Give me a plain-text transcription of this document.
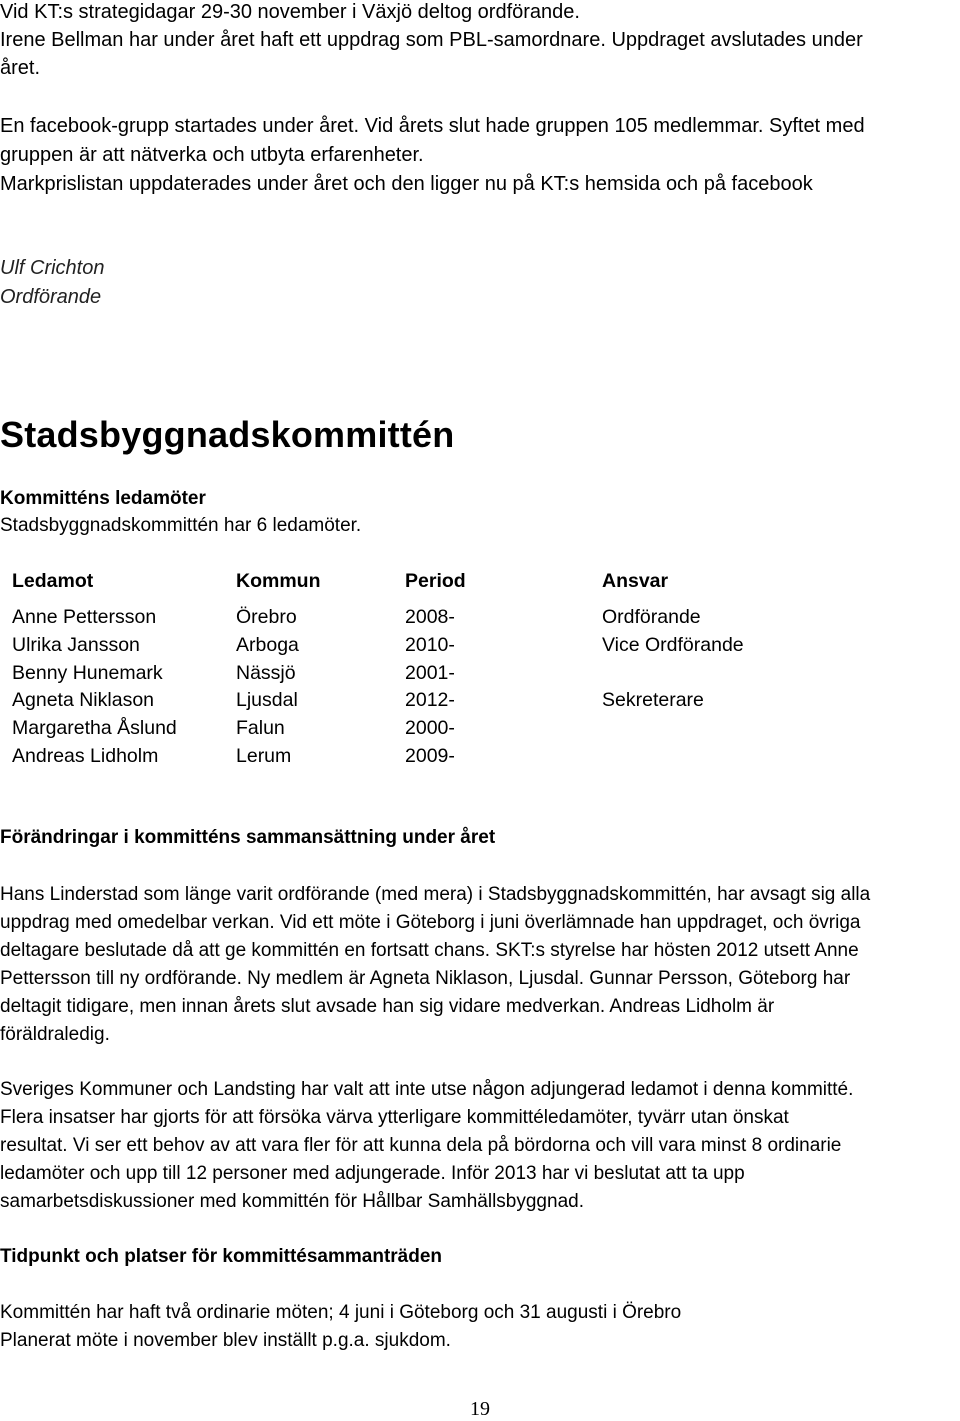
Vid KT:s strategidagar 29-30 november i Växjö deltog ordförande.

Irene Bellman har under året haft ett uppdrag som PBL-samordnare. Uppdraget avslutades under

året.

En facebook-grupp startades under året. Vid årets slut hade gruppen 105 medlemmar. Syftet med

gruppen är att nätverka och utbyta erfarenheter.

Markprislistan uppdaterades under året och den ligger nu på KT:s hemsida och på facebook

Ulf Crichton

Ordförande

Stadsbyggnadskommittén

Kommitténs ledamöter

Stadsbyggnadskommittén har 6 ledamöter.

Ledamot	Kommun	Period	Ansvar
Anne Pettersson	Örebro	2008-	Ordförande
Ulrika Jansson	Arboga	2010-	Vice Ordförande
Benny Hunemark	Nässjö	2001-	
Agneta Niklason	Ljusdal	2012-	Sekreterare
Margaretha Åslund	Falun	2000-	
Andreas Lidholm	Lerum	2009-	

Förändringar i kommitténs sammansättning under året

Hans Linderstad som länge varit ordförande (med mera) i Stadsbyggnadskommittén, har avsagt sig alla

uppdrag med omedelbar verkan. Vid ett möte i Göteborg i juni överlämnade han uppdraget, och övriga

deltagare beslutade då att ge kommittén en fortsatt chans. SKT:s styrelse har hösten 2012 utsett Anne

Pettersson till ny ordförande. Ny medlem är Agneta Niklason, Ljusdal. Gunnar Persson, Göteborg har

deltagit tidigare, men innan årets slut avsade han sig vidare medverkan. Andreas Lidholm är

föräldraledig.

Sveriges Kommuner och Landsting har valt att inte utse någon adjungerad ledamot i denna kommitté.

Flera insatser har gjorts för att försöka värva ytterligare kommittéledamöter, tyvärr utan önskat

resultat. Vi ser ett behov av att vara fler för att kunna dela på bördorna och vill vara minst 8 ordinarie

ledamöter och upp till 12 personer med adjungerade. Inför 2013 har vi beslutat att ta upp

samarbetsdiskussioner med kommittén för Hållbar Samhällsbyggnad.

Tidpunkt och platser för kommittésammanträden

Kommittén har haft två ordinarie möten; 4 juni i Göteborg och 31 augusti i Örebro

Planerat möte i november blev inställt p.g.a. sjukdom.

19
